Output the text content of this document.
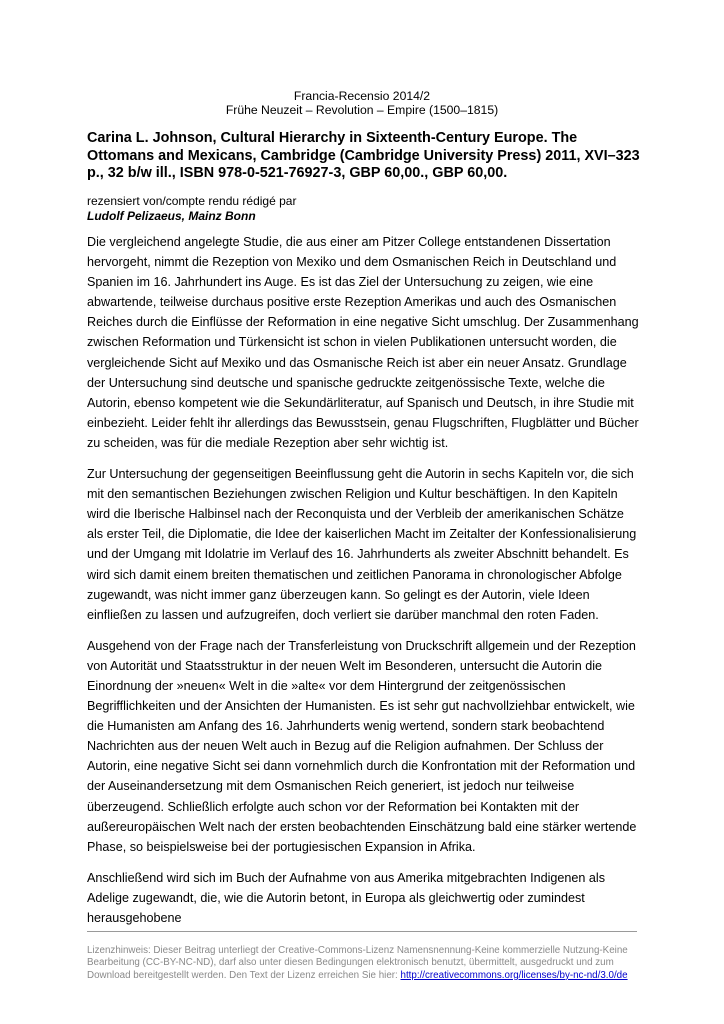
Francia-Recensio 2014/2
Frühe Neuzeit – Revolution – Empire (1500–1815)
Carina L. Johnson, Cultural Hierarchy in Sixteenth-Century Europe. The Ottomans and Mexicans, Cambridge (Cambridge University Press) 2011, XVI–323 p., 32 b/w ill., ISBN 978-0-521-76927-3, GBP 60,00., GBP 60,00.
rezensiert von/compte rendu rédigé par
Ludolf Pelizaeus, Mainz Bonn

Die vergleichend angelegte Studie, die aus einer am Pitzer College entstandenen Dissertation hervorgeht, nimmt die Rezeption von Mexiko und dem Osmanischen Reich in Deutschland und Spanien im 16. Jahrhundert ins Auge. Es ist das Ziel der Untersuchung zu zeigen, wie eine abwartende, teilweise durchaus positive erste Rezeption Amerikas und auch des Osmanischen Reiches durch die Einflüsse der Reformation in eine negative Sicht umschlug. Der Zusammenhang zwischen Reformation und Türkensicht ist schon in vielen Publikationen untersucht worden, die vergleichende Sicht auf Mexiko und das Osmanische Reich ist aber ein neuer Ansatz. Grundlage der Untersuchung sind deutsche und spanische gedruckte zeitgenössische Texte, welche die Autorin, ebenso kompetent wie die Sekundärliteratur, auf Spanisch und Deutsch, in ihre Studie mit einbezieht. Leider fehlt ihr allerdings das Bewusstsein, genau Flugschriften, Flugblätter und Bücher zu scheiden, was für die mediale Rezeption aber sehr wichtig ist.

Zur Untersuchung der gegenseitigen Beeinflussung geht die Autorin in sechs Kapiteln vor, die sich mit den semantischen Beziehungen zwischen Religion und Kultur beschäftigen. In den Kapiteln wird die Iberische Halbinsel nach der Reconquista und der Verbleib der amerikanischen Schätze als erster Teil, die Diplomatie, die Idee der kaiserlichen Macht im Zeitalter der Konfessionalisierung und der Umgang mit Idolatrie im Verlauf des 16. Jahrhunderts als zweiter Abschnitt behandelt. Es wird sich damit einem breiten thematischen und zeitlichen Panorama in chronologischer Abfolge zugewandt, was nicht immer ganz überzeugen kann. So gelingt es der Autorin, viele Ideen einfließen zu lassen und aufzugreifen, doch verliert sie darüber manchmal den roten Faden.

Ausgehend von der Frage nach der Transferleistung von Druckschrift allgemein und der Rezeption von Autorität und Staatsstruktur in der neuen Welt im Besonderen, untersucht die Autorin die Einordnung der »neuen« Welt in die »alte« vor dem Hintergrund der zeitgenössischen Begrifflichkeiten und der Ansichten der Humanisten. Es ist sehr gut nachvollziehbar entwickelt, wie die Humanisten am Anfang des 16. Jahrhunderts wenig wertend, sondern stark beobachtend Nachrichten aus der neuen Welt auch in Bezug auf die Religion aufnahmen. Der Schluss der Autorin, eine negative Sicht sei dann vornehmlich durch die Konfrontation mit der Reformation und der Auseinandersetzung mit dem Osmanischen Reich generiert, ist jedoch nur teilweise überzeugend. Schließlich erfolgte auch schon vor der Reformation bei Kontakten mit der außereuropäischen Welt nach der ersten beobachtenden Einschätzung bald eine stärker wertende Phase, so beispielsweise bei der portugiesischen Expansion in Afrika.

Anschließend wird sich im Buch der Aufnahme von aus Amerika mitgebrachten Indigenen als Adelige zugewandt, die, wie die Autorin betont, in Europa als gleichwertig oder zumindest herausgehobene

Lizenzhinweis: Dieser Beitrag unterliegt der Creative-Commons-Lizenz Namensnennung-Keine kommerzielle Nutzung-Keine Bearbeitung (CC-BY-NC-ND), darf also unter diesen Bedingungen elektronisch benutzt, übermittelt, ausgedruckt und zum Download bereitgestellt werden. Den Text der Lizenz erreichen Sie hier: http://creativecommons.org/licenses/by-nc-nd/3.0/de
